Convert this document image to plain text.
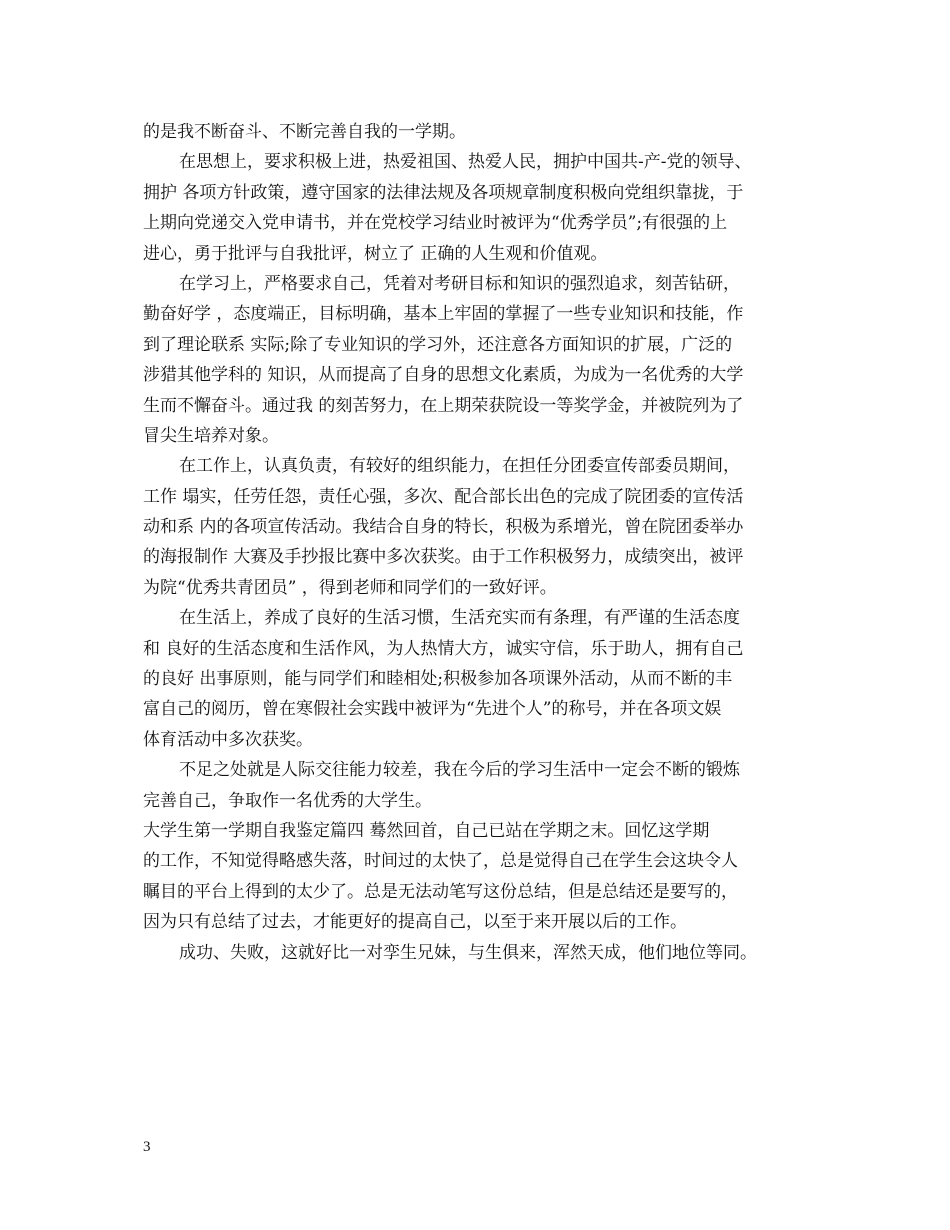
的是我不断奋斗、不断完善自我的一学期。
在思想上，要求积极上进，热爱祖国、热爱人民，拥护中国共-产-党的领导、
拥护 各项方针政策，遵守国家的法律法规及各项规章制度积极向党组织靠拢，于
上期向党递交入党申请书，并在党校学习结业时被评为“优秀学员”;有很强的上
进心，勇于批评与自我批评，树立了 正确的人生观和价值观。
在学习上，严格要求自己，凭着对考研目标和知识的强烈追求，刻苦钻研，
勤奋好学 ，态度端正，目标明确，基本上牢固的掌握了一些专业知识和技能，作
到了理论联系 实际;除了专业知识的学习外，还注意各方面知识的扩展，广泛的
涉猎其他学科的 知识，从而提高了自身的思想文化素质，为成为一名优秀的大学
生而不懈奋斗。通过我 的刻苦努力，在上期荣获院设一等奖学金，并被院列为了
冒尖生培养对象。
在工作上，认真负责，有较好的组织能力，在担任分团委宣传部委员期间，
工作 塌实，任劳任怨，责任心强，多次、配合部长出色的完成了院团委的宣传活
动和系 内的各项宣传活动。我结合自身的特长，积极为系增光，曾在院团委举办
的海报制作 大赛及手抄报比赛中多次获奖。由于工作积极努力，成绩突出，被评
为院“优秀共青团员” ，得到老师和同学们的一致好评。
在生活上，养成了良好的生活习惯，生活充实而有条理，有严谨的生活态度
和 良好的生活态度和生活作风，为人热情大方，诚实守信，乐于助人，拥有自己
的良好 出事原则，能与同学们和睦相处;积极参加各项课外活动，从而不断的丰
富自己的阅历，曾在寒假社会实践中被评为“先进个人”的称号，并在各项文娱
体育活动中多次获奖。
不足之处就是人际交往能力较差，我在今后的学习生活中一定会不断的锻炼
完善自己，争取作一名优秀的大学生。
大学生第一学期自我鉴定篇四 蓦然回首，自己已站在学期之末。回忆这学期
的工作，不知觉得略感失落，时间过的太快了，总是觉得自己在学生会这块令人
瞩目的平台上得到的太少了。总是无法动笔写这份总结，但是总结还是要写的，
因为只有总结了过去，才能更好的提高自己，以至于来开展以后的工作。
成功、失败，这就好比一对孪生兄妹，与生俱来，浑然天成，他们地位等同。
3
